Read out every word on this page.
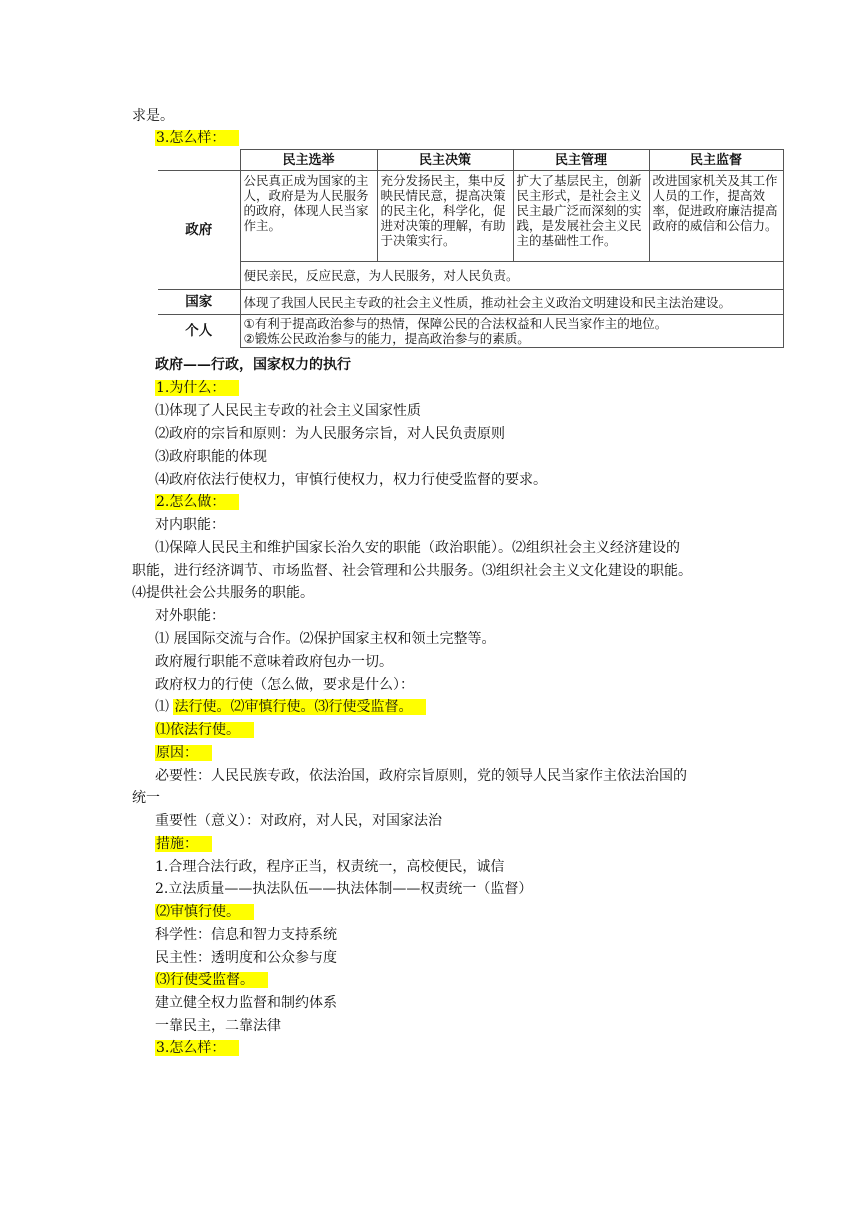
求是。
3.怎么样：
	民主选举	民主决策	民主管理	民主监督
政府	公民真正成为国家的主人，政府是为人民服务的政府，体现人民当家作主。	充分发扬民主，集中反映民情民意，提高决策的民主化，科学化，促进对决策的理解，有助于决策实行。	扩大了基层民主，创新民主形式，是社会主义民主最广泛而深刻的实践，是发展社会主义民主的基础性工作。	改进国家机关及其工作人员的工作，提高效率，促进政府廉洁提高政府的威信和公信力。
	便民亲民，反应民意，为人民服务，对人民负责。			
国家	体现了我国人民民主专政的社会主义性质，推动社会主义政治文明建设和民主法治建设。			
个人	①有利于提高政治参与的热情，保障公民的合法权益和人民当家作主的地位。
②锻炼公民政治参与的能力，提高政治参与的素质。			
政府——行政，国家权力的执行
1.为什么：
⑴体现了人民民主专政的社会主义国家性质
⑵政府的宗旨和原则：为人民服务宗旨，对人民负责原则
⑶政府职能的体现
⑷政府依法行使权力，审慎行使权力，权力行使受监督的要求。
2.怎么做：
对内职能：
⑴保障人民民主和维护国家长治久安的职能（政治职能）。⑵组织社会主义经济建设的
职能，进行经济调节、市场监督、社会管理和公共服务。⑶组织社会主义文化建设的职能。
⑷提供社会公共服务的职能。
对外职能：
⑴ 展国际交流与合作。⑵保护国家主权和领土完整等。
政府履行职能不意味着政府包办一切。
政府权力的行使（怎么做，要求是什么）：
⑴ 法行使。⑵审慎行使。⑶行使受监督。
⑴依法行使。
原因：
必要性：人民民族专政，依法治国，政府宗旨原则，党的领导人民当家作主依法治国的
统一
重要性（意义）：对政府，对人民，对国家法治
措施：
1.合理合法行政，程序正当，权责统一，高校便民，诚信
2.立法质量——执法队伍——执法体制——权责统一（监督）
⑵审慎行使。
科学性：信息和智力支持系统
民主性：透明度和公众参与度
⑶行使受监督。
建立健全权力监督和制约体系
一靠民主，二靠法律
3.怎么样：
